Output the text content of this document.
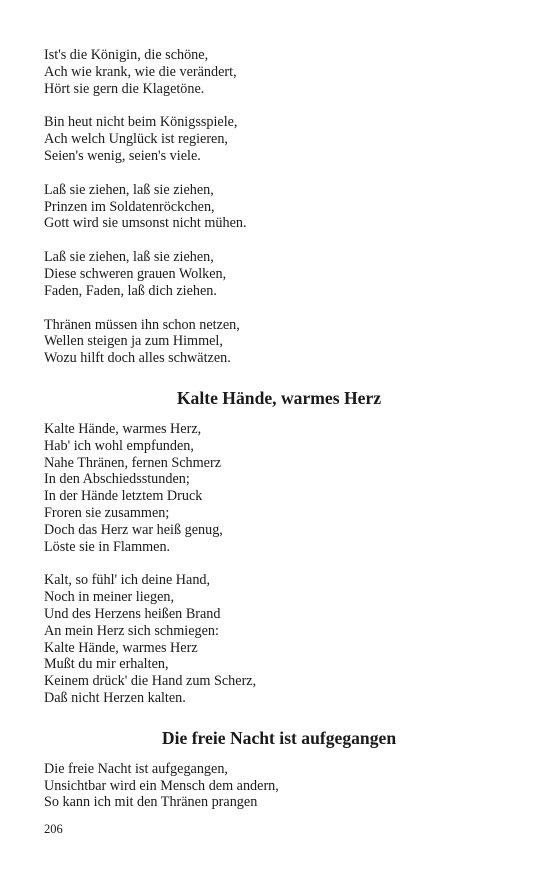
Ist's die Königin, die schöne,
Ach wie krank, wie die verändert,
Hört sie gern die Klagetöne.
Bin heut nicht beim Königsspiele,
Ach welch Unglück ist regieren,
Seien's wenig, seien's viele.
Laß sie ziehen, laß sie ziehen,
Prinzen im Soldatenröckchen,
Gott wird sie umsonst nicht mühen.
Laß sie ziehen, laß sie ziehen,
Diese schweren grauen Wolken,
Faden, Faden, laß dich ziehen.
Thränen müssen ihn schon netzen,
Wellen steigen ja zum Himmel,
Wozu hilft doch alles schwätzen.
Kalte Hände, warmes Herz
Kalte Hände, warmes Herz,
Hab' ich wohl empfunden,
Nahe Thränen, fernen Schmerz
In den Abschiedsstunden;
In der Hände letztem Druck
Froren sie zusammen;
Doch das Herz war heiß genug,
Löste sie in Flammen.
Kalt, so fühl' ich deine Hand,
Noch in meiner liegen,
Und des Herzens heißen Brand
An mein Herz sich schmiegen:
Kalte Hände, warmes Herz
Mußt du mir erhalten,
Keinem drück' die Hand zum Scherz,
Daß nicht Herzen kalten.
Die freie Nacht ist aufgegangen
Die freie Nacht ist aufgegangen,
Unsichtbar wird ein Mensch dem andern,
So kann ich mit den Thränen prangen
206
